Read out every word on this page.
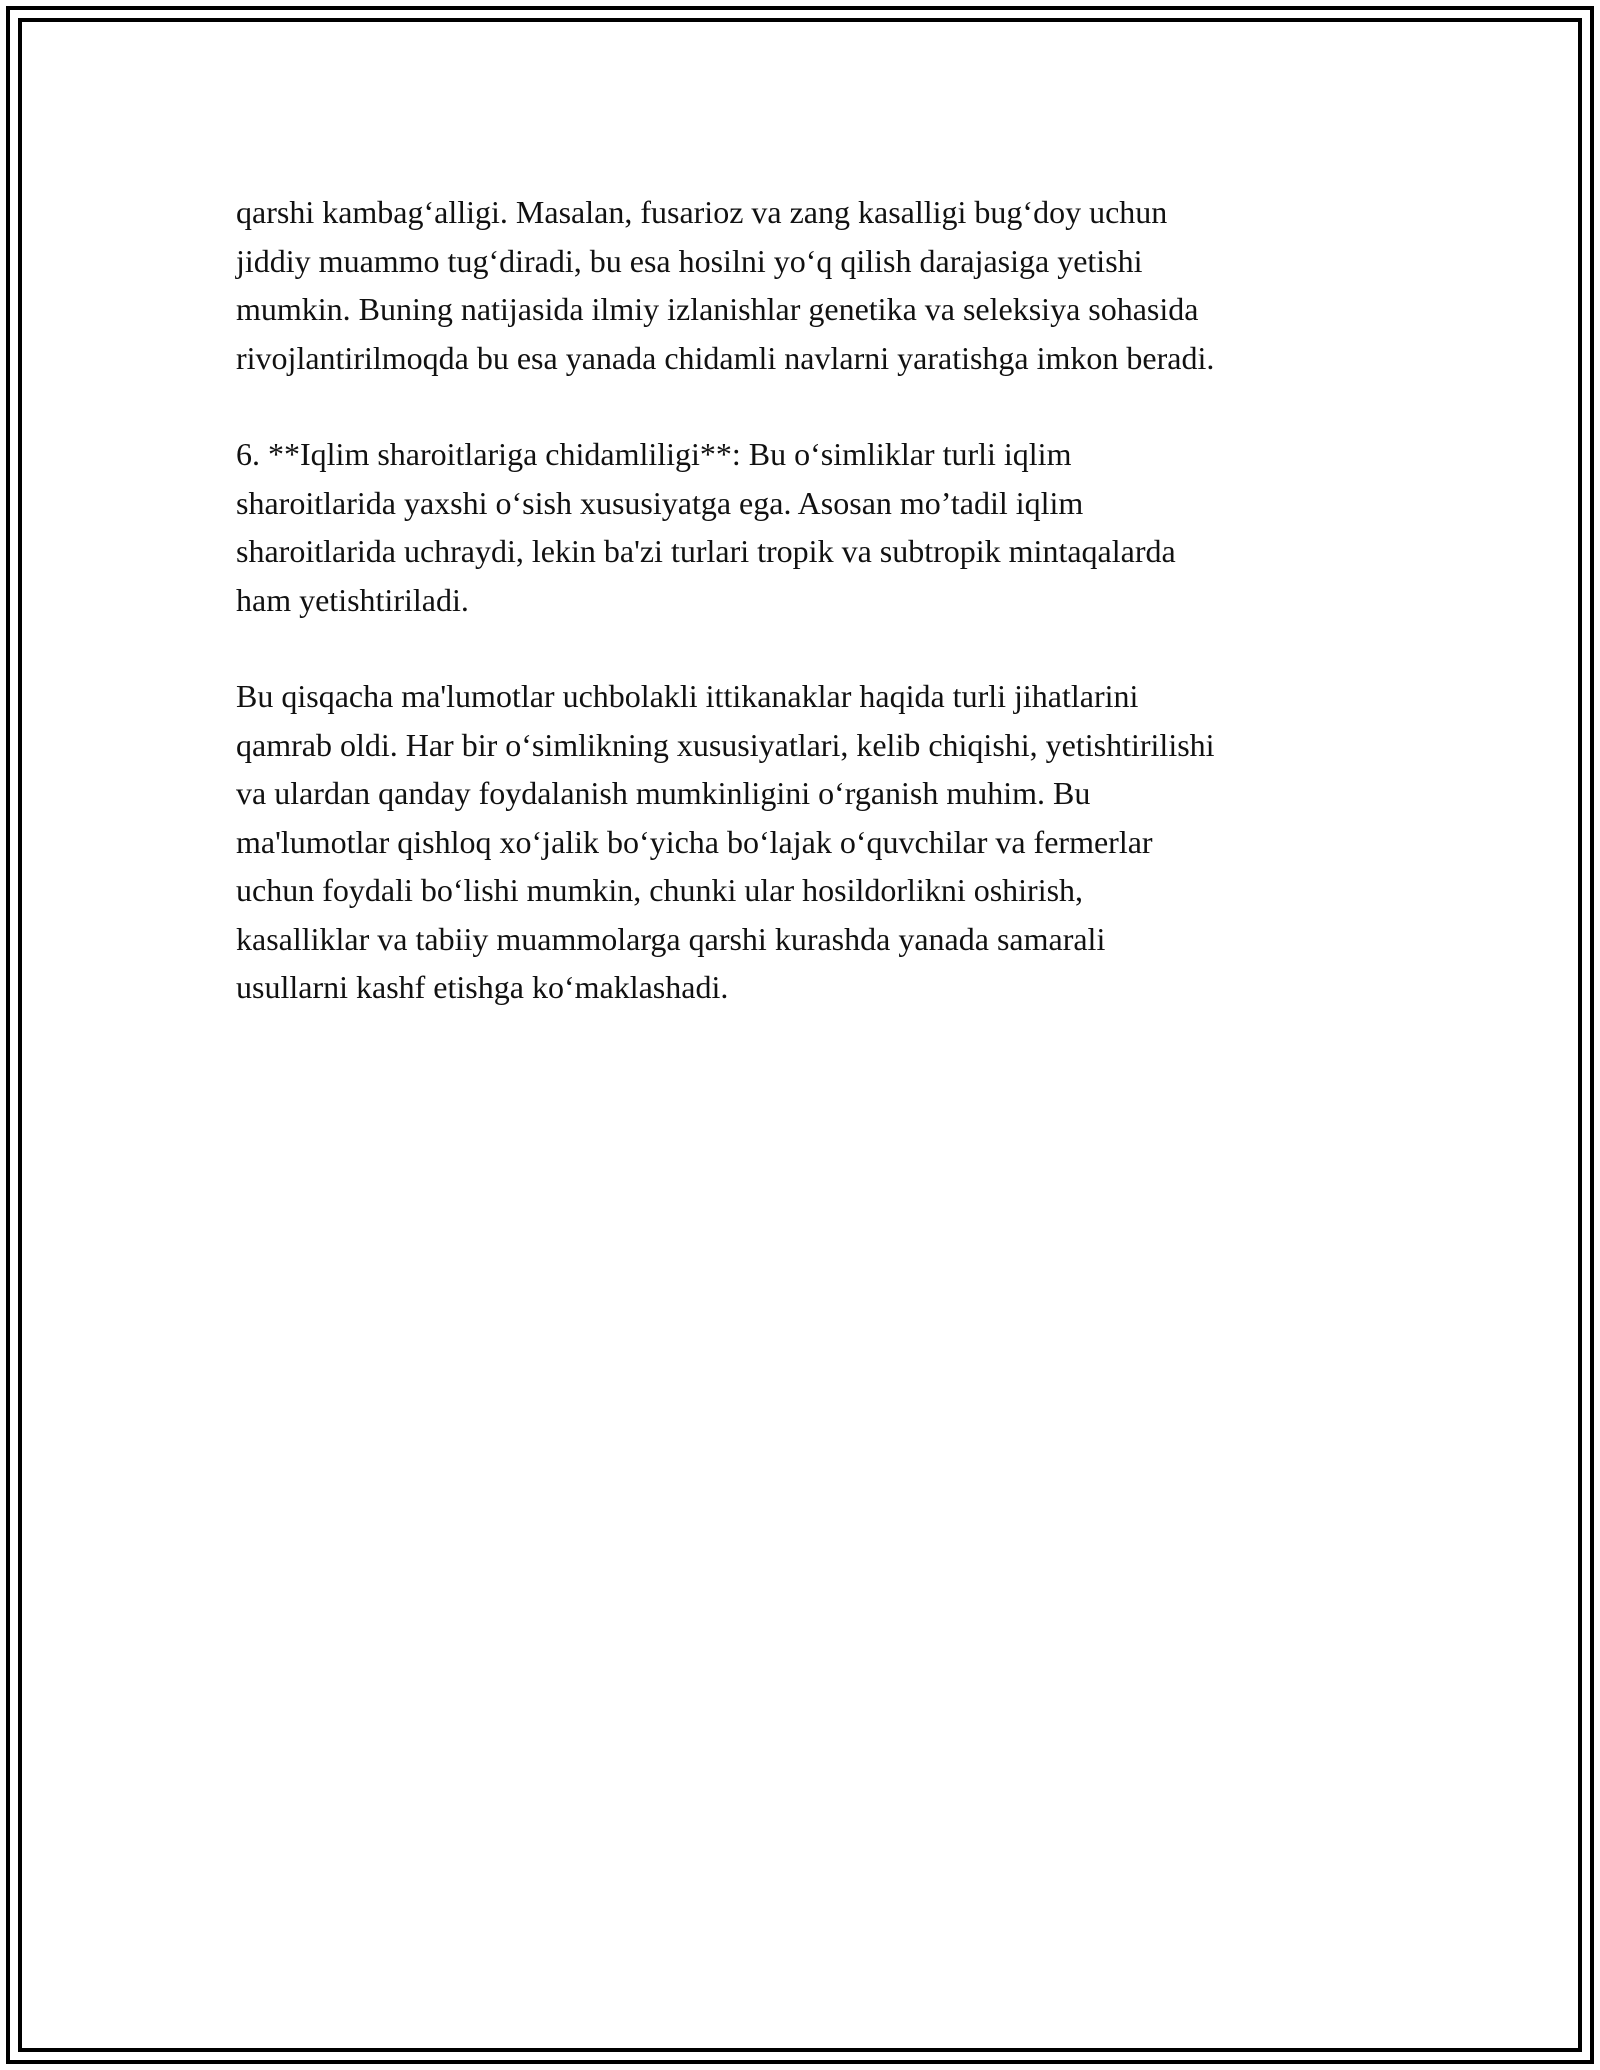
qarshi kambag‘alligi. Masalan, fusarioz va zang kasalligi bug‘doy uchun
jiddiy muammo tug‘diradi, bu esa hosilni yo‘q qilish darajasiga yetishi
mumkin. Buning natijasida ilmiy izlanishlar genetika va seleksiya sohasida
rivojlantirilmoqda bu esa yanada chidamli navlarni yaratishga imkon beradi.

6. **Iqlim sharoitlariga chidamliligi**: Bu o‘simliklar turli iqlim
sharoitlarida yaxshi o‘sish xususiyatga ega. Asosan mo’tadil iqlim
sharoitlarida uchraydi, lekin ba'zi turlari tropik va subtropik mintaqalarda
ham yetishtiriladi.

Bu qisqacha ma'lumotlar uchbolakli ittikanaklar haqida turli jihatlarini
qamrab oldi. Har bir o‘simlikning xususiyatlari, kelib chiqishi, yetishtirilishi
va ulardan qanday foydalanish mumkinligini o‘rganish muhim. Bu
ma'lumotlar qishloq xo‘jalik bo‘yicha bo‘lajak o‘quvchilar va fermerlar
uchun foydali bo‘lishi mumkin, chunki ular hosildorlikni oshirish,
kasalliklar va tabiiy muammolarga qarshi kurashda yanada samarali
usullarni kashf etishga ko‘maklashadi.
